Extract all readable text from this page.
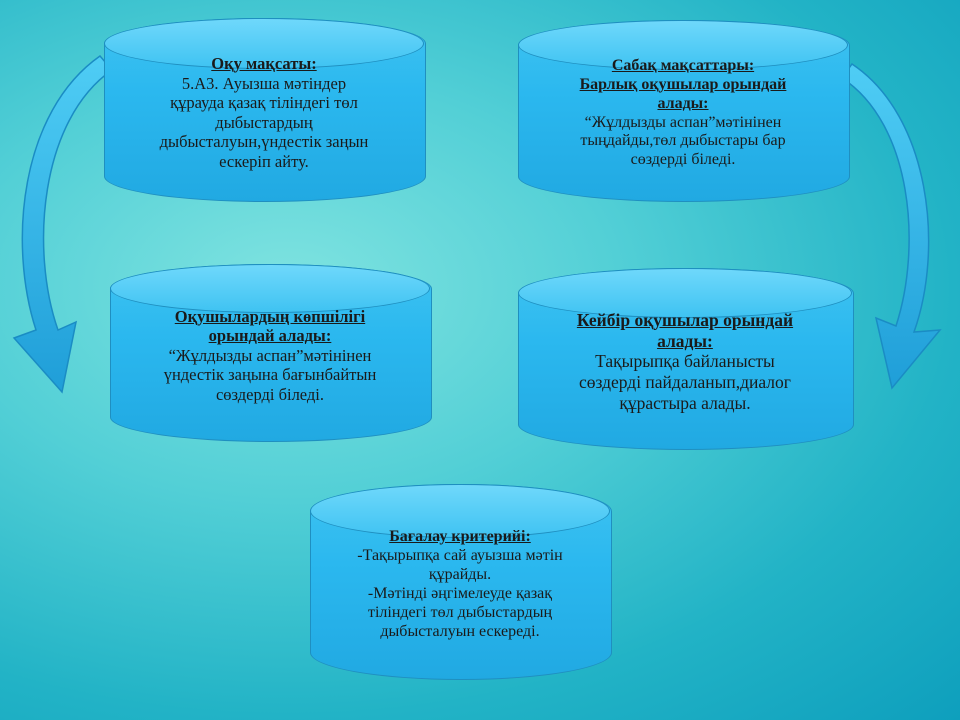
Оқу мақсаты:
5.А3. Ауызша мәтіндер
құрауда қазақ тіліндегі төл
дыбыстардың
дыбысталуын,үндестік заңын
ескеріп айту.
Сабақ мақсаттары:
Барлық оқушылар орындай
алады:
“Жұлдызды аспан”мәтінінен
тыңдайды,төл дыбыстары бар
сөздерді біледі.
Оқушылардың көпшілігі
орындай алады:
“Жұлдызды аспан”мәтінінен
үндестік заңына бағынбайтын
сөздерді біледі.
Кейбір оқушылар орындай
алады:
Тақырыпқа байланысты
сөздерді пайдаланып,диалог
құрастыра алады.
Бағалау критерийі:
-Тақырыпқа сай ауызша мәтін
құрайды.
-Мәтінді әңгімелеуде қазақ
тіліндегі төл дыбыстардың
дыбысталуын ескереді.
